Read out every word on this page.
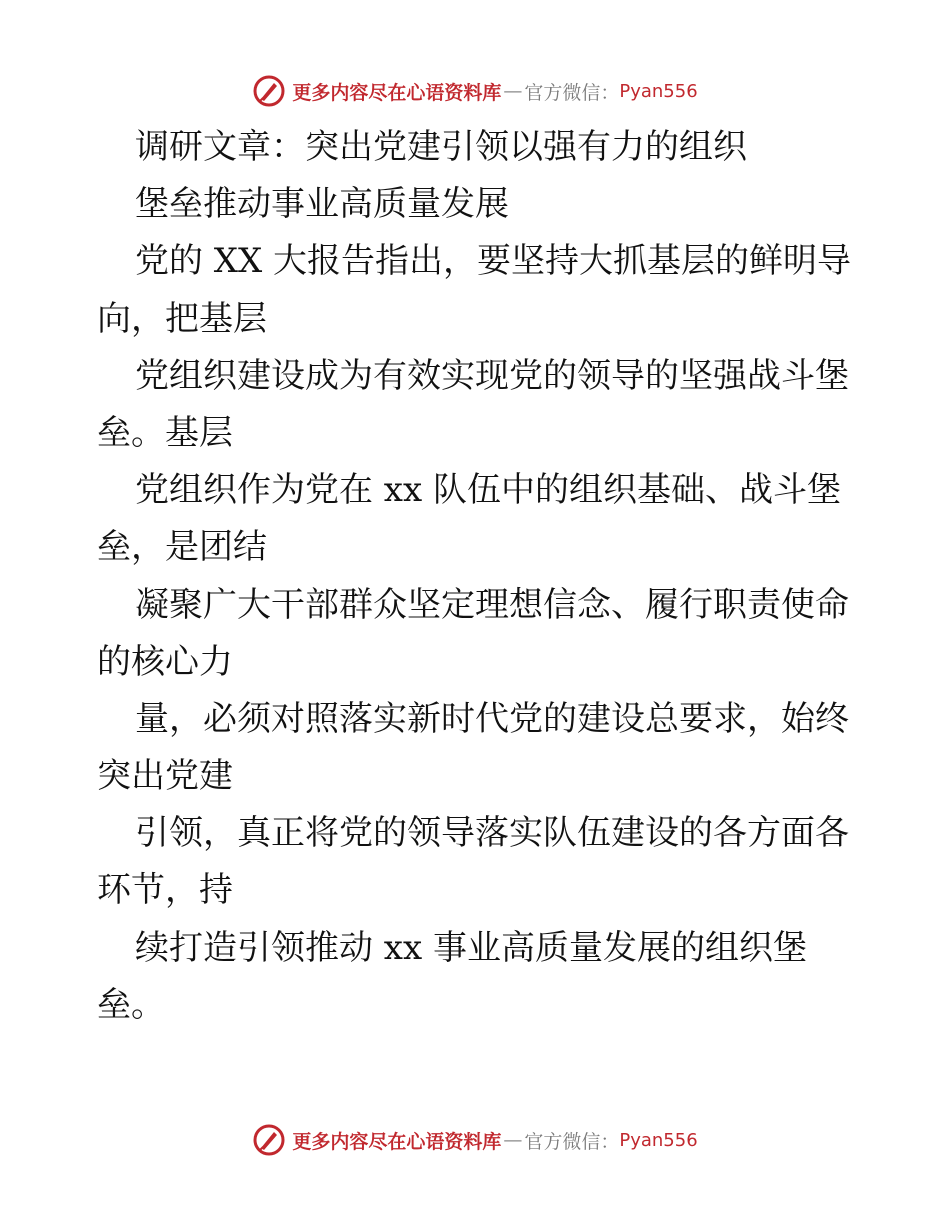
更多内容尽在心语资料库 — 官方微信： Pyan556
调研文章：突出党建引领以强有力的组织
堡垒推动事业高质量发展
党的 XX 大报告指出，要坚持大抓基层的鲜明导
向，把基层
党组织建设成为有效实现党的领导的坚强战斗堡
垒。基层
党组织作为党在 xx 队伍中的组织基础、战斗堡
垒，是团结
凝聚广大干部群众坚定理想信念、履行职责使命
的核心力
量，必须对照落实新时代党的建设总要求，始终
突出党建
引领，真正将党的领导落实队伍建设的各方面各
环节，持
续打造引领推动 xx 事业高质量发展的组织堡
垒。
更多内容尽在心语资料库 — 官方微信： Pyan556
